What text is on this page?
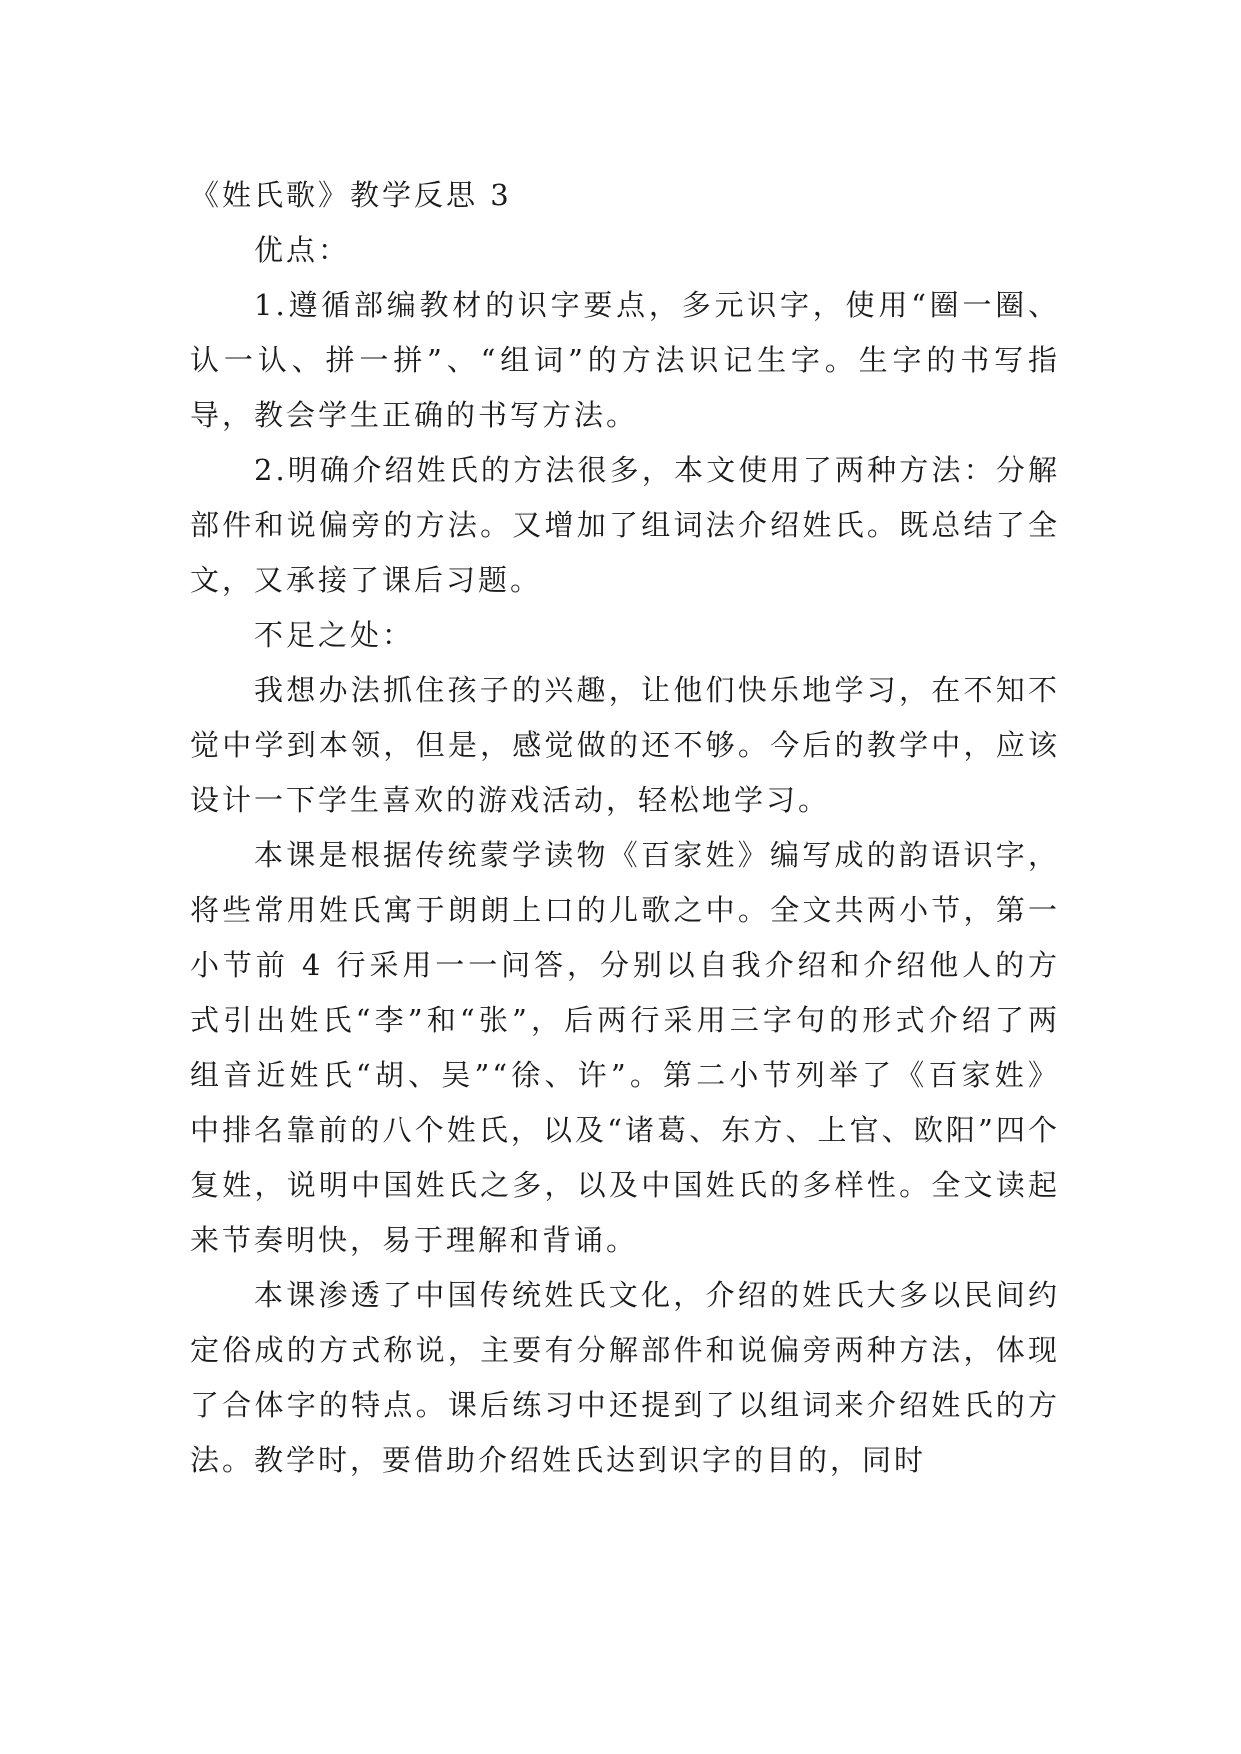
《姓氏歌》教学反思 3

优点：

1.遵循部编教材的识字要点，多元识字，使用“圈一圈、认一认、拼一拼”、“组词”的方法识记生字。生字的书写指导，教会学生正确的书写方法。

2.明确介绍姓氏的方法很多，本文使用了两种方法：分解部件和说偏旁的方法。又增加了组词法介绍姓氏。既总结了全文，又承接了课后习题。

不足之处：

我想办法抓住孩子的兴趣，让他们快乐地学习，在不知不觉中学到本领，但是，感觉做的还不够。今后的教学中，应该设计一下学生喜欢的游戏活动，轻松地学习。

本课是根据传统蒙学读物《百家姓》编写成的韵语识字，将些常用姓氏寓于朗朗上口的儿歌之中。全文共两小节，第一小节前 4 行采用一一问答，分别以自我介绍和介绍他人的方式引出姓氏“李”和“张”，后两行采用三字句的形式介绍了两组音近姓氏“胡、吴”“徐、许”。第二小节列举了《百家姓》中排名靠前的八个姓氏，以及“诸葛、东方、上官、欧阳”四个复姓，说明中国姓氏之多，以及中国姓氏的多样性。全文读起来节奏明快，易于理解和背诵。

本课渗透了中国传统姓氏文化，介绍的姓氏大多以民间约定俗成的方式称说，主要有分解部件和说偏旁两种方法，体现了合体字的特点。课后练习中还提到了以组词来介绍姓氏的方法。教学时，要借助介绍姓氏达到识字的目的，同时
